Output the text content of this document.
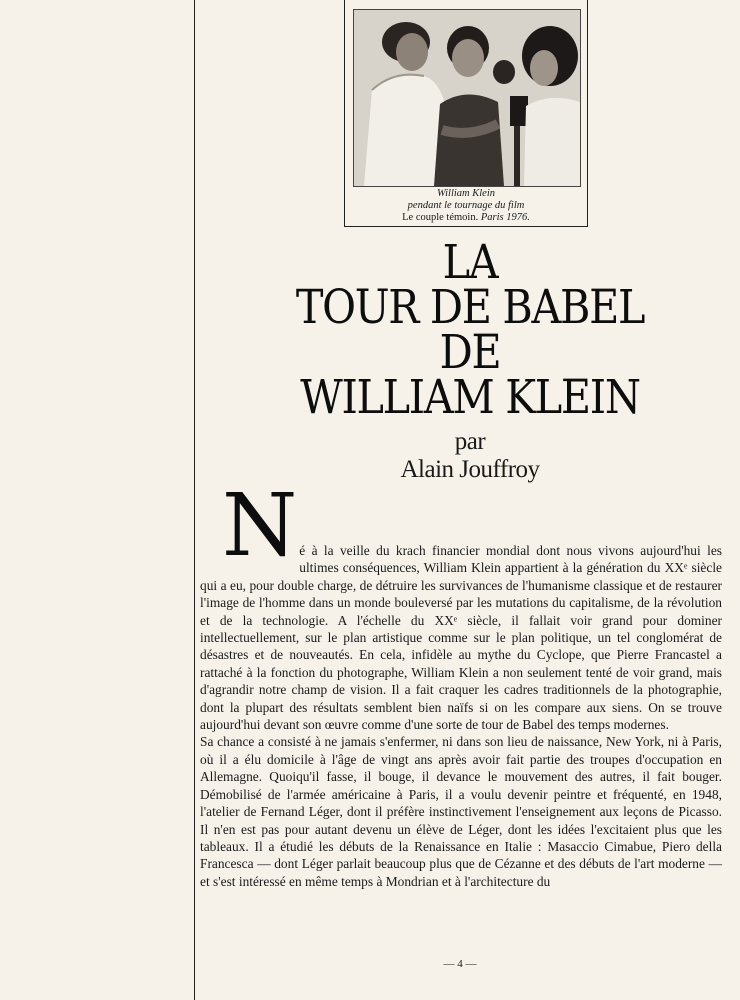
William Klein
pendant le tournage du film
Le couple témoin. Paris 1976.
LA
TOUR DE BABEL
DE
WILLIAM KLEIN
par
Alain Jouffroy
N é à la veille du krach financier mondial dont nous vivons aujourd'hui les ultimes conséquences, William Klein appartient à la génération du XXᵉ siècle qui a eu, pour double charge, de détruire les survivances de l'humanisme classique et de restaurer l'image de l'homme dans un monde bouleversé par les mutations du capitalisme, de la révolution et de la technologie. A l'échelle du XXᵉ siècle, il fallait voir grand pour dominer intellectuellement, sur le plan artistique comme sur le plan politique, un tel conglomérat de désastres et de nouveautés. En cela, infidèle au mythe du Cyclope, que Pierre Francastel a rattaché à la fonction du photographe, William Klein a non seulement tenté de voir grand, mais d'agrandir notre champ de vision. Il a fait craquer les cadres traditionnels de la photographie, dont la plupart des résultats semblent bien naïfs si on les compare aux siens. On se trouve aujourd'hui devant son œuvre comme d'une sorte de tour de Babel des temps modernes.

Sa chance a consisté à ne jamais s'enfermer, ni dans son lieu de naissance, New York, ni à Paris, où il a élu domicile à l'âge de vingt ans après avoir fait partie des troupes d'occupation en Allemagne. Quoiqu'il fasse, il bouge, il devance le mouvement des autres, il fait bouger. Démobilisé de l'armée américaine à Paris, il a voulu devenir peintre et fréquenté, en 1948, l'atelier de Fernand Léger, dont il préfère instinctivement l'enseignement aux leçons de Picasso. Il n'en est pas pour autant devenu un élève de Léger, dont les idées l'excitaient plus que les tableaux. Il a étudié les débuts de la Renaissance en Italie : Masaccio Cimabue, Piero della Francesca — dont Léger parlait beaucoup plus que de Cézanne et des débuts de l'art moderne — et s'est intéressé en même temps à Mondrian et à l'architecture du

— 4 —
